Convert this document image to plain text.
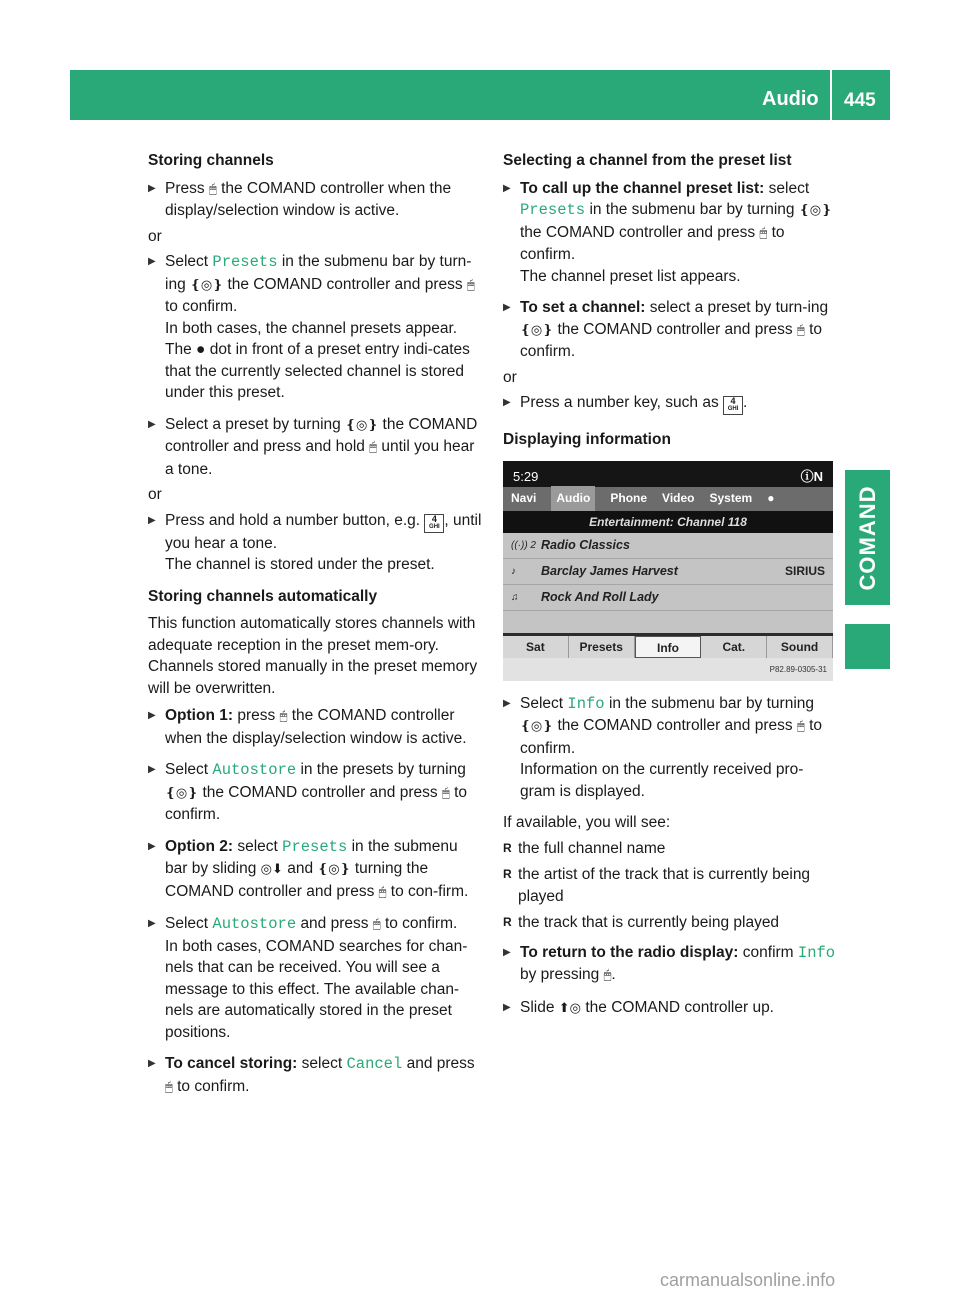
Audio 445
COMAND
Storing channels
▶ Press 🖱 the COMAND controller when the display/selection window is active.
or
▶ Select Presets in the submenu bar by turn-ing ❴◎❵ the COMAND controller and press 🖱 to confirm.
In both cases, the channel presets appear.
The ● dot in front of a preset entry indi-cates that the currently selected channel is stored under this preset.
▶ Select a preset by turning ❴◎❵ the COMAND controller and press and hold 🖱 until you hear a tone.
or
▶ Press and hold a number button, e.g. 4
GHI , until you hear a tone.
The channel is stored under the preset.
Storing channels automatically
This function automatically stores channels with adequate reception in the preset mem-ory. Channels stored manually in the preset memory will be overwritten.
▶ Option 1: press 🖱 the COMAND controller when the display/selection window is active.
▶ Select Autostore in the presets by turning ❴◎❵ the COMAND controller and press 🖱 to confirm.
▶ Option 2: select Presets in the submenu bar by sliding ◎⬇ and ❴◎❵ turning the COMAND controller and press 🖱 to con-firm.
▶ Select Autostore and press 🖱 to confirm.
In both cases, COMAND searches for chan-nels that can be received. You will see a message to this effect. The available chan-nels are automatically stored in the preset positions.
▶ To cancel storing: select Cancel and press 🖱 to confirm.
Selecting a channel from the preset list
▶ To call up the channel preset list: select Presets in the submenu bar by turning ❴◎❵ the COMAND controller and press 🖱 to confirm.
The channel preset list appears.
▶ To set a channel: select a preset by turn-ing ❴◎❵ the COMAND controller and press 🖱 to confirm.
or
▶ Press a number key, such as 4
GHI .
Displaying information
5:29	ⓘN
Navi	Audio	Phone Video System ●
Entertainment: Channel 118
((·)) 2 Radio Classics
♪ Barclay James Harvest	SIRIUS
♫ Rock And Roll Lady
Sat	Presets	Info	Cat.	Sound
P82.89-0305-31
▶ Select Info in the submenu bar by turning ❴◎❵ the COMAND controller and press 🖱 to confirm.
Information on the currently received pro-gram is displayed.
If available, you will see:
R the full channel name
R the artist of the track that is currently being played
R the track that is currently being played
▶ To return to the radio display: confirm Info by pressing 🖱.
▶ Slide ⬆◎ the COMAND controller up.
carmanualsonline.info
